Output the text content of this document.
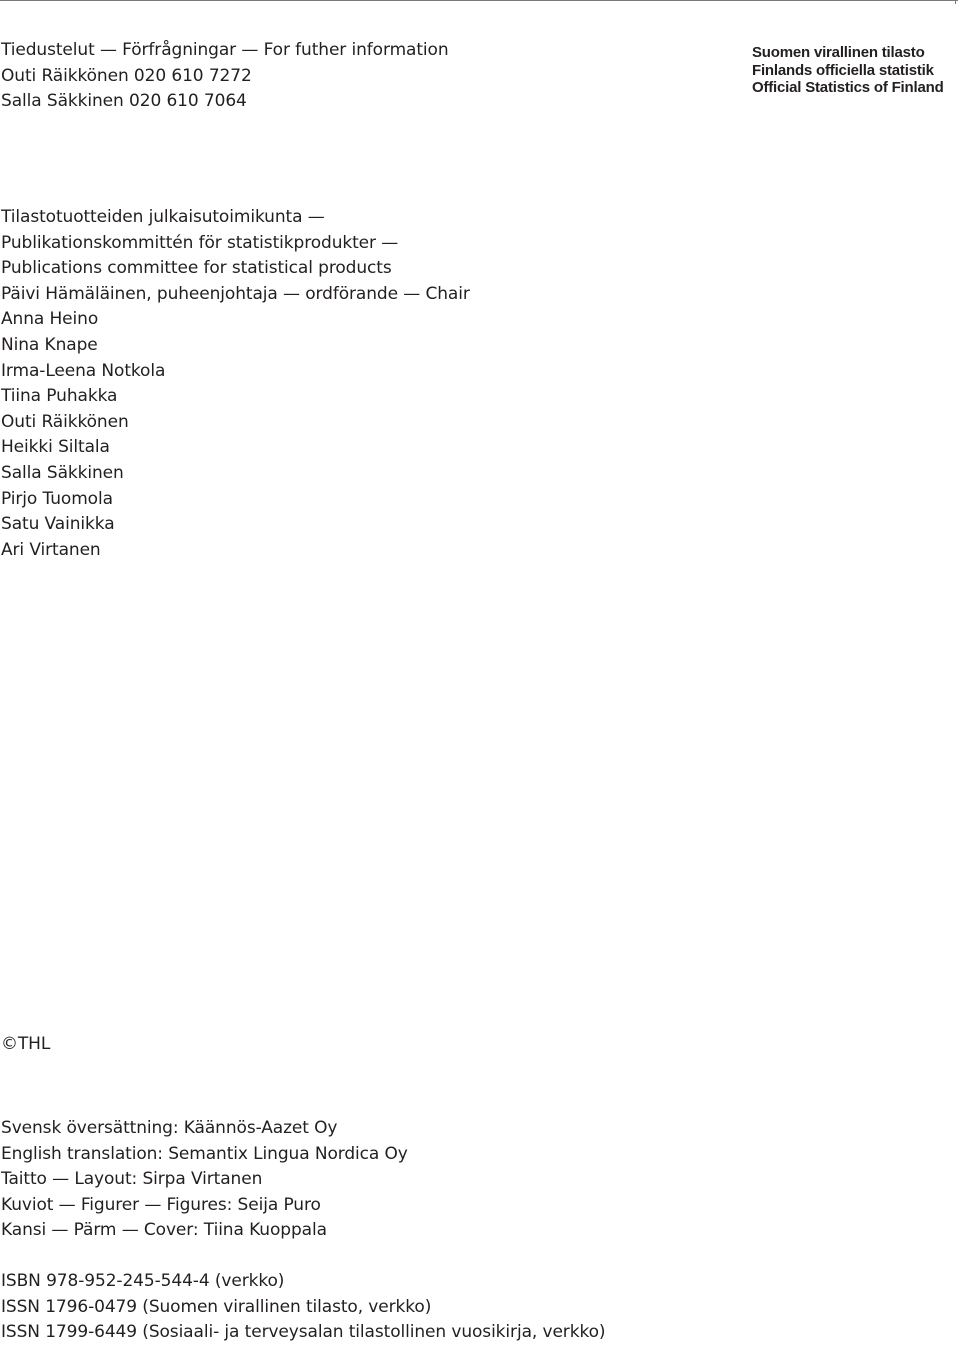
Tiedustelut — Förfrågningar — For futher information
Outi Räikkönen 020 610 7272
Salla Säkkinen 020 610 7064
Suomen virallinen tilasto
Finlands officiella statistik
Official Statistics of Finland
Tilastotuotteiden julkaisutoimikunta —
Publikationskommittén för statistikprodukter —
Publications committee for statistical products
Päivi Hämäläinen, puheenjohtaja — ordförande — Chair
Anna Heino
Nina Knape
Irma-Leena Notkola
Tiina Puhakka
Outi Räikkönen
Heikki Siltala
Salla Säkkinen
Pirjo Tuomola
Satu Vainikka
Ari Virtanen
©THL
Svensk översättning: Käännös-Aazet Oy
English translation: Semantix Lingua Nordica Oy
Taitto — Layout: Sirpa Virtanen
Kuviot — Figurer — Figures: Seija Puro
Kansi — Pärm — Cover: Tiina Kuoppala
ISBN 978-952-245-544-4 (verkko)
ISSN 1796-0479 (Suomen virallinen tilasto, verkko)
ISSN 1799-6449 (Sosiaali- ja terveysalan tilastollinen vuosikirja, verkko)
